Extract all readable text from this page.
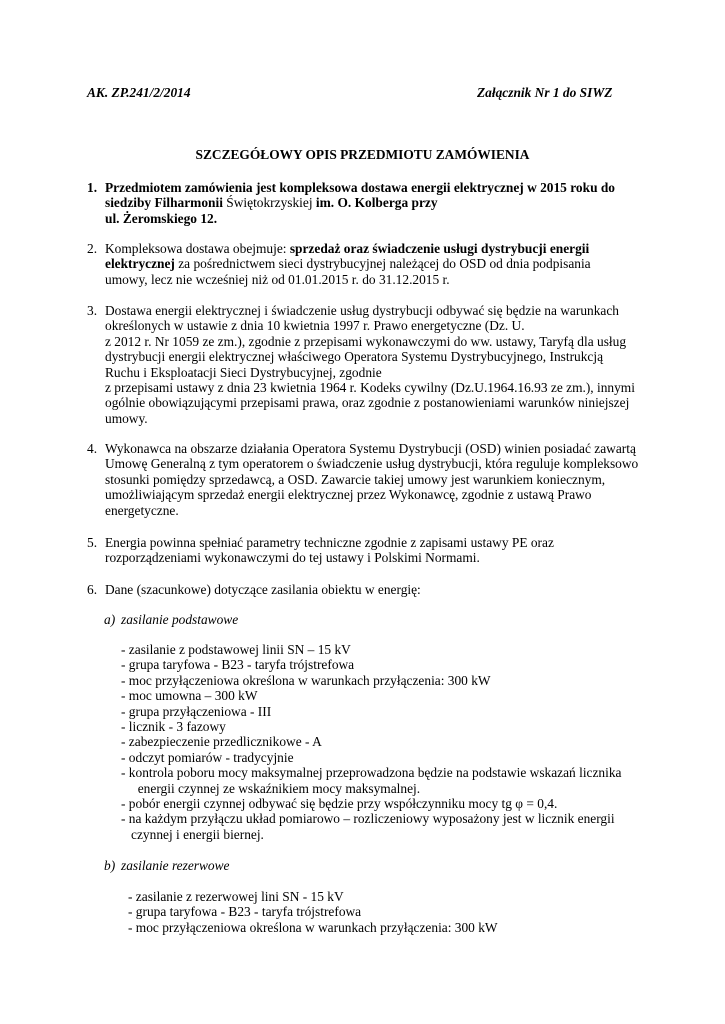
AK. ZP.241/2/2014	Załącznik Nr 1 do SIWZ
SZCZEGÓŁOWY OPIS PRZEDMIOTU ZAMÓWIENIA
1. Przedmiotem zamówienia jest kompleksowa dostawa energii elektrycznej w 2015 roku do
siedziby Filharmonii Świętokrzyskiej im. O. Kolberga przy
ul. Żeromskiego 12.
2. Kompleksowa dostawa obejmuje: sprzedaż oraz świadczenie usługi dystrybucji energii
elektrycznej za pośrednictwem sieci dystrybucyjnej należącej do OSD od dnia podpisania
umowy, lecz nie wcześniej niż od 01.01.2015 r. do 31.12.2015 r.
3. Dostawa energii elektrycznej i świadczenie usług dystrybucji odbywać się będzie na warunkach
określonych w ustawie z dnia 10 kwietnia 1997 r. Prawo energetyczne (Dz. U.
z 2012 r. Nr 1059 ze zm.), zgodnie z przepisami wykonawczymi do ww. ustawy, Taryfą dla usług
dystrybucji energii elektrycznej właściwego Operatora Systemu Dystrybucyjnego, Instrukcją
Ruchu i Eksploatacji Sieci Dystrybucyjnej, zgodnie
z przepisami ustawy z dnia 23 kwietnia 1964 r. Kodeks cywilny (Dz.U.1964.16.93 ze zm.), innymi
ogólnie obowiązującymi przepisami prawa, oraz zgodnie z postanowieniami warunków niniejszej
umowy.
4. Wykonawca na obszarze działania Operatora Systemu Dystrybucji (OSD) winien posiadać zawartą
Umowę Generalną z tym operatorem o świadczenie usług dystrybucji, która reguluje kompleksowo
stosunki pomiędzy sprzedawcą, a OSD. Zawarcie takiej umowy jest warunkiem koniecznym,
umożliwiającym sprzedaż energii elektrycznej przez Wykonawcę, zgodnie z ustawą Prawo
energetyczne.
5. Energia powinna spełniać parametry techniczne zgodnie z zapisami ustawy PE oraz
rozporządzeniami wykonawczymi do tej ustawy i Polskimi Normami.
6. Dane (szacunkowe) dotyczące zasilania obiektu w energię:
a) zasilanie podstawowe
- zasilanie z podstawowej linii SN – 15 kV
- grupa taryfowa - B23 - taryfa trójstrefowa
- moc przyłączeniowa określona w warunkach przyłączenia: 300 kW
- moc umowna – 300 kW
- grupa przyłączeniowa - III
- licznik - 3 fazowy
- zabezpieczenie przedlicznikowe - A
- odczyt pomiarów - tradycyjnie
- kontrola poboru mocy maksymalnej przeprowadzona będzie na podstawie wskazań licznika
energii czynnej ze wskaźnikiem mocy maksymalnej.
- pobór energii czynnej odbywać się będzie przy współczynniku mocy tg φ = 0,4.
- na każdym przyłączu układ pomiarowo – rozliczeniowy wyposażony jest w licznik energii
czynnej i energii biernej.
b) zasilanie rezerwowe
- zasilanie z rezerwowej lini SN - 15 kV
- grupa taryfowa - B23 - taryfa trójstrefowa
- moc przyłączeniowa określona w warunkach przyłączenia: 300 kW
